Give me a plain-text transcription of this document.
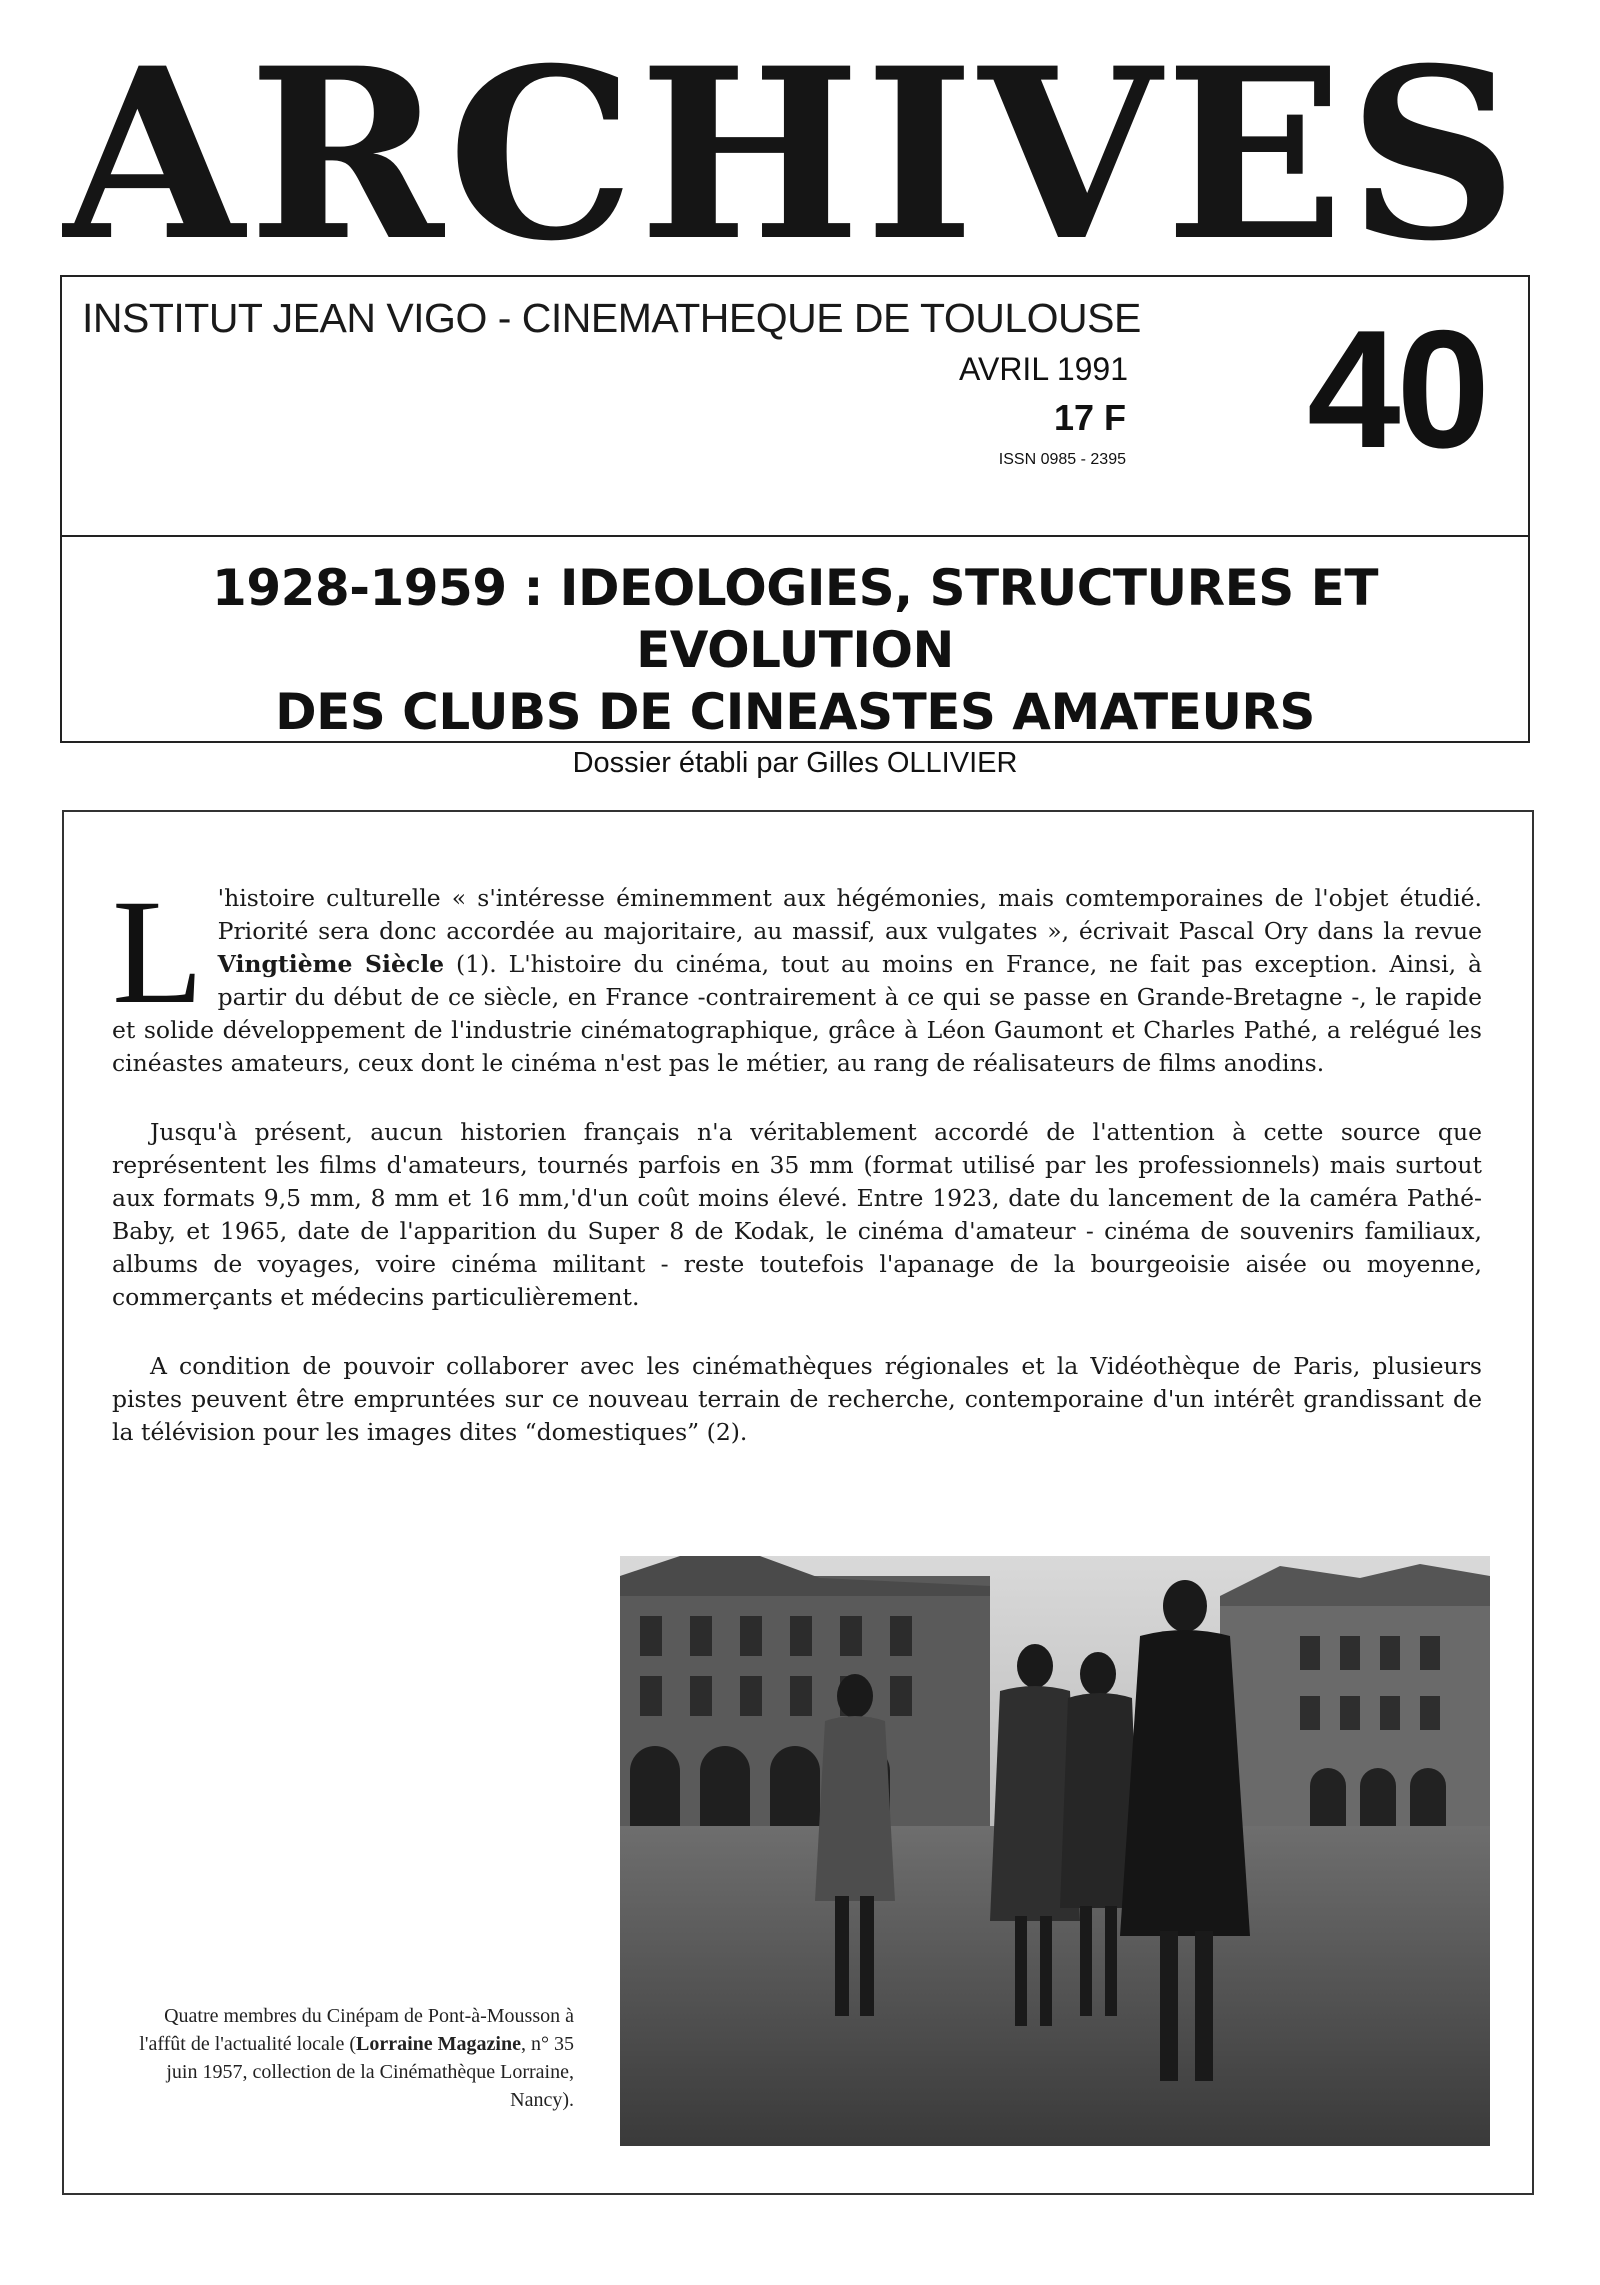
ARCHIVES
INSTITUT JEAN VIGO - CINEMATHEQUE DE TOULOUSE
AVRIL 1991
17 F
ISSN 0985 - 2395 40
1928-1959 : IDEOLOGIES, STRUCTURES ET EVOLUTION
DES CLUBS DE CINEASTES AMATEURS
Dossier établi par Gilles OLLIVIER

L 'histoire culturelle « s'intéresse éminemment aux hégémonies, mais comtemporaines de l'objet étudié. Priorité sera donc accordée au majoritaire, au massif, aux vulgates », écrivait Pascal Ory dans la revue Vingtième Siècle (1). L'histoire du cinéma, tout au moins en France, ne fait pas exception. Ainsi, à partir du début de ce siècle, en France -contrairement à ce qui se passe en Grande-Bretagne -, le rapide et solide développement de l'industrie cinématographique, grâce à Léon Gaumont et Charles Pathé, a relégué les cinéastes amateurs, ceux dont le cinéma n'est pas le métier, au rang de réalisateurs de films anodins.

Jusqu'à présent, aucun historien français n'a véritablement accordé de l'attention à cette source que représentent les films d'amateurs, tournés parfois en 35 mm (format utilisé par les professionnels) mais surtout aux formats 9,5 mm, 8 mm et 16 mm,'d'un coût moins élevé. Entre 1923, date du lancement de la caméra Pathé-Baby, et 1965, date de l'apparition du Super 8 de Kodak, le cinéma d'amateur - cinéma de souvenirs familiaux, albums de voyages, voire cinéma militant - reste toutefois l'apanage de la bourgeoisie aisée ou moyenne, commerçants et médecins particulièrement.

A condition de pouvoir collaborer avec les cinémathèques régionales et la Vidéothèque de Paris, plusieurs pistes peuvent être empruntées sur ce nouveau terrain de recherche, contemporaine d'un intérêt grandissant de la télévision pour les images dites “domestiques” (2).

Quatre membres du Cinépam de Pont-à-Mousson à l'affût de l'actualité locale (Lorraine Magazine, n° 35 juin 1957, collection de la Cinémathèque Lorraine, Nancy).
